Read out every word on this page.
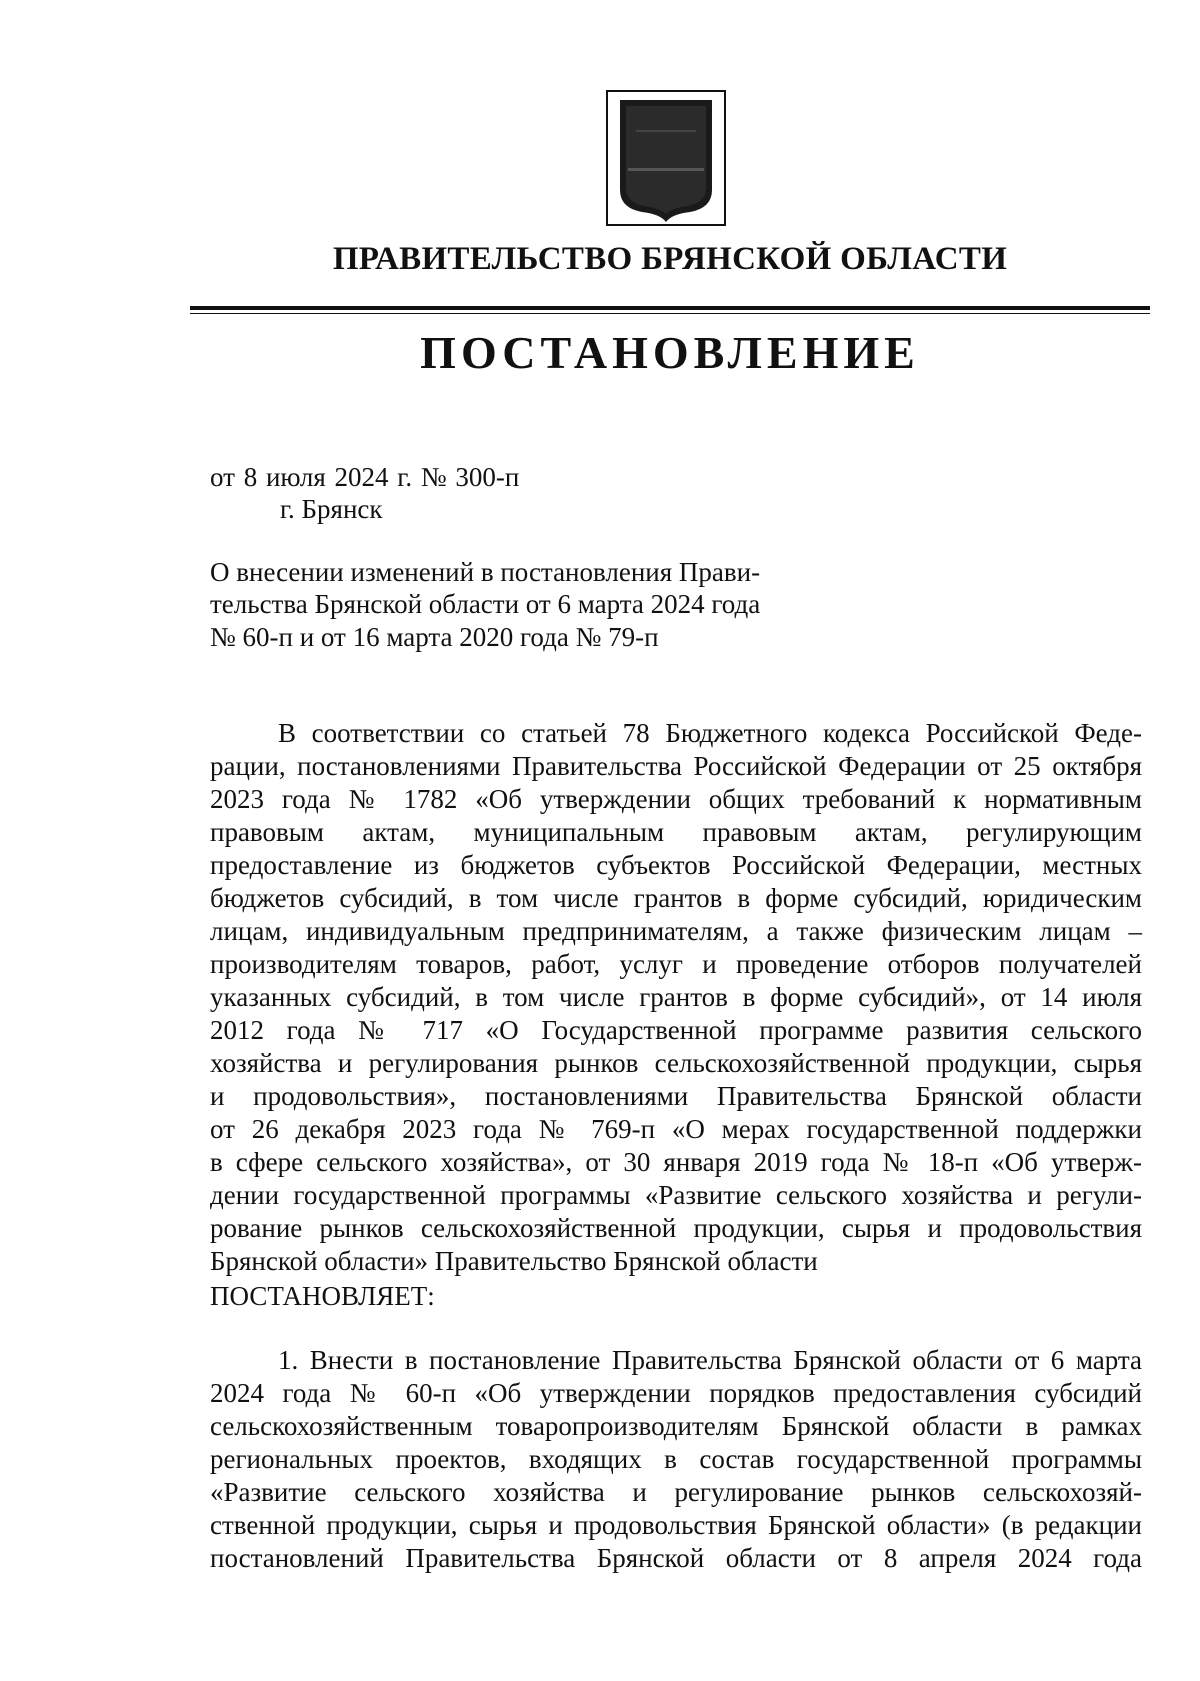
ПРАВИТЕЛЬСТВО БРЯНСКОЙ ОБЛАСТИ
ПОСТАНОВЛЕНИЕ
от 8 июля 2024 г. № 300-п
г. Брянск
О внесении изменений в постановления Прави-
тельства Брянской области от 6 марта 2024 года
№ 60-п и от 16 марта 2020 года № 79-п
В соответствии со статьей 78 Бюджетного кодекса Российской Феде-
рации, постановлениями Правительства Российской Федерации от 25 октября
2023 года № 1782 «Об утверждении общих требований к нормативным
правовым актам, муниципальным правовым актам, регулирующим
предоставление из бюджетов субъектов Российской Федерации, местных
бюджетов субсидий, в том числе грантов в форме субсидий, юридическим
лицам, индивидуальным предпринимателям, а также физическим лицам –
производителям товаров, работ, услуг и проведение отборов получателей
указанных субсидий, в том числе грантов в форме субсидий», от 14 июля
2012 года № 717 «О Государственной программе развития сельского
хозяйства и регулирования рынков сельскохозяйственной продукции, сырья
и продовольствия», постановлениями Правительства Брянской области
от 26 декабря 2023 года № 769-п «О мерах государственной поддержки
в сфере сельского хозяйства», от 30 января 2019 года № 18-п «Об утверж-
дении государственной программы «Развитие сельского хозяйства и регули-
рование рынков сельскохозяйственной продукции, сырья и продовольствия
Брянской области» Правительство Брянской области
ПОСТАНОВЛЯЕТ:
1. Внести в постановление Правительства Брянской области от 6 марта
2024 года № 60-п «Об утверждении порядков предоставления субсидий
сельскохозяйственным товаропроизводителям Брянской области в рамках
региональных проектов, входящих в состав государственной программы
«Развитие сельского хозяйства и регулирование рынков сельскохозяй-
ственной продукции, сырья и продовольствия Брянской области» (в редакции
постановлений Правительства Брянской области от 8 апреля 2024 года
